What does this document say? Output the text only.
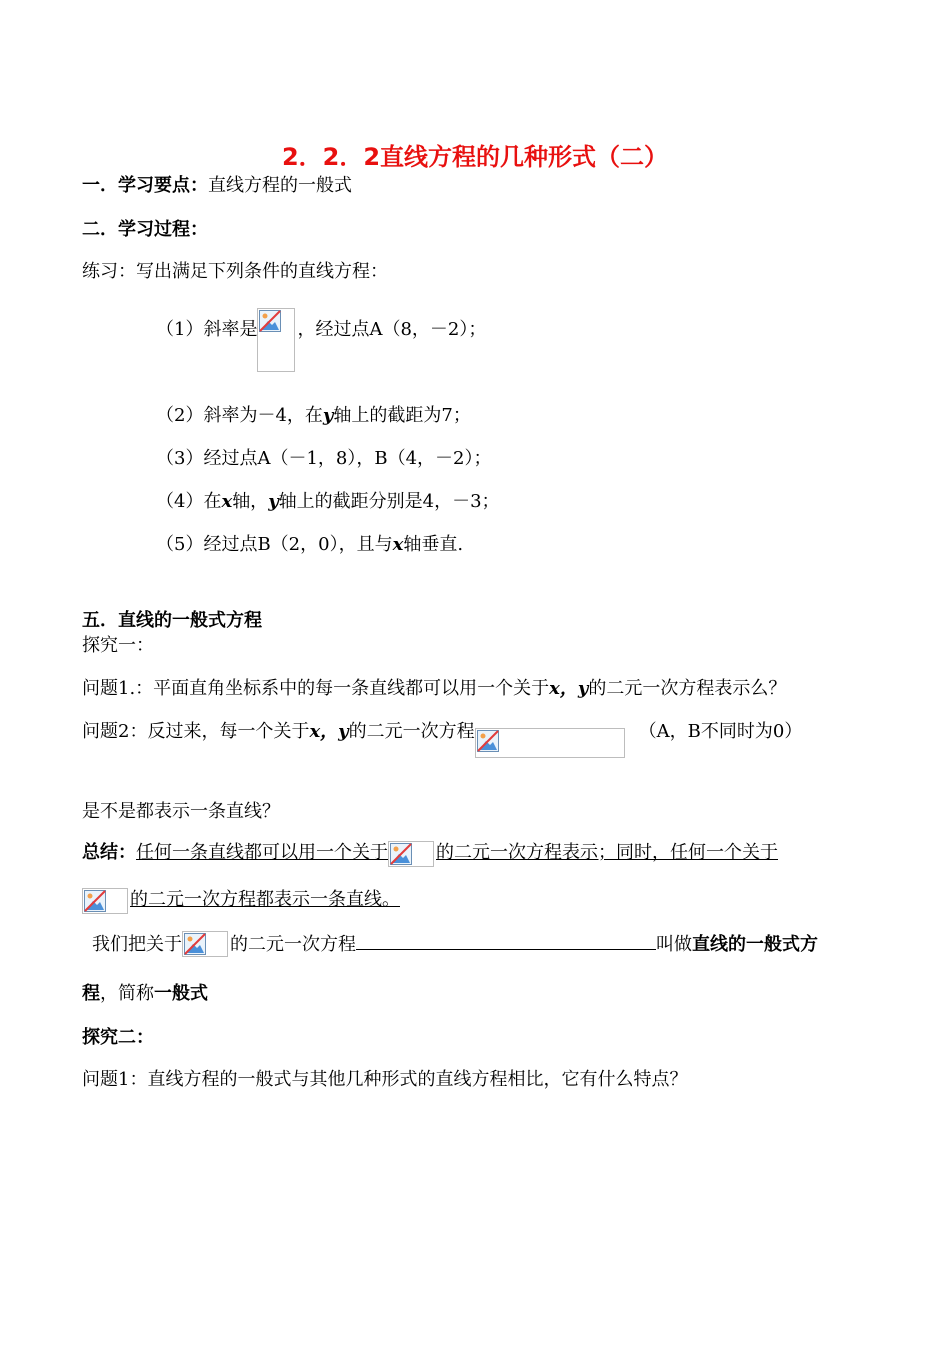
2．2．2直线方程的几种形式（二）
一．学习要点：直线方程的一般式
二．学习过程：
练习：写出满足下列条件的直线方程：
（1）斜率是 ，经过点A（8，－2）；
（2）斜率为－4，在y轴上的截距为7；
（3）经过点A（－1，8），B（4，－2）；
（4）在x轴，y轴上的截距分别是4，－3；
（5）经过点B（2，0），且与x轴垂直.
五．直线的一般式方程
探究一：
问题1.：平面直角坐标系中的每一条直线都可以用一个关于x，y的二元一次方程表示么？
问题2：反过来，每一个关于x，y的二元一次方程	（A，B不同时为0）
是不是都表示一条直线？
总结：任何一条直线都可以用一个关于	的二元一次方程表示；同时，任何一个关于
的二元一次方程都表示一条直线。
我们把关于	的二元一次方程	叫做直线的一般式方
程，简称一般式
探究二：
问题1：直线方程的一般式与其他几种形式的直线方程相比，它有什么特点？
